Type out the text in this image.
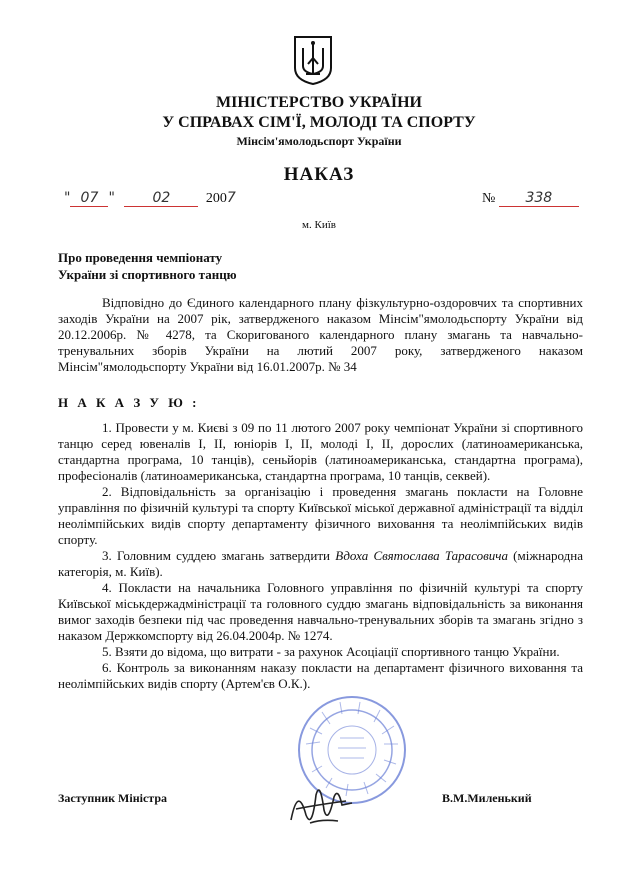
МІНІСТЕРСТВО УКРАЇНИ
У СПРАВАХ СІМ'Ї, МОЛОДІ ТА СПОРТУ
Мінсім'ямолодьспорт України
НАКАЗ
" 07 "	02	2007	№ 338
м. Київ
Про проведення чемпіонату
України зі спортивного танцю

Відповідно до Єдиного календарного плану фізкультурно-оздоровчих та спортивних заходів України на 2007 рік, затвердженого наказом Мінсім"ямолодьспорту України від 20.12.2006р. № 4278, та Скоригованого календарного плану змагань та навчально-тренувальних зборів України на лютий 2007 року, затвердженого наказом Мінсім"ямолодьспорту України від 16.01.2007р. № 34

Н А К А З У Ю :

1. Провести у м. Києві з 09 по 11 лютого 2007 року чемпіонат України зі спортивного танцю серед ювеналів І, ІІ, юніорів І, ІІ, молоді І, ІІ, дорослих (латиноамериканська, стандартна програма, 10 танців), сеньйорів (латиноамериканська, стандартна програма), професіоналів (латиноамериканська, стандартна програма, 10 танців, секвей).

2. Відповідальність за організацію і проведення змагань покласти на Головне управління по фізичній культурі та спорту Київської міської державної адміністрації та відділ неолімпійських видів спорту департаменту фізичного виховання та неолімпійських видів спорту.

3. Головним суддею змагань затвердити Вдоха Святослава Тарасовича (міжнародна категорія, м. Київ).

4. Покласти на начальника Головного управління по фізичній культурі та спорту Київської міськдержадміністрації та головного суддю змагань відповідальність за виконання вимог заходів безпеки під час проведення навчально-тренувальних зборів та змагань згідно з наказом Держкомспорту від 26.04.2004р. № 1274.

5. Взяти до відома, що витрати - за рахунок Асоціації спортивного танцю України.

6. Контроль за виконанням наказу покласти на департамент фізичного виховання та неолімпійських видів спорту (Артем'єв О.К.).

Заступник Міністра	В.М.Миленький
